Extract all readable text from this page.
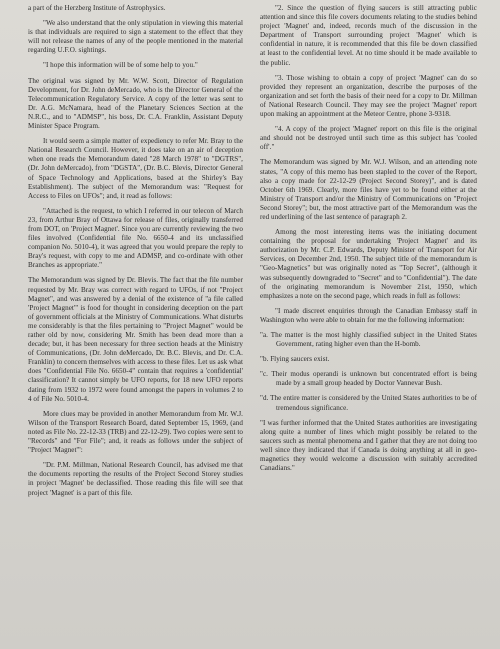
a part of the Herzberg Institute of Astrophysics.

"We also understand that the only stipulation in viewing this material is that individuals are required to sign a statement to the effect that they will not release the names of any of the people mentioned in the material regarding U.F.O. sightings.

"I hope this information will be of some help to you."

The original was signed by Mr. W.W. Scott, Director of Regulation Development, for Dr. John deMercado, who is the Director General of the Telecommunication Regulatory Service. A copy of the letter was sent to Dr. A.G. McNamara, head of the Planetary Sciences Section at the N.R.C., and to "ADMSP", his boss, Dr. C.A. Franklin, Assistant Deputy Minister Space Program.

It would seem a simple matter of expediency to refer Mr. Bray to the National Research Council. However, it does take on an air of deception when one reads the Memorandum dated "28 March 1978" to "DGTRS", (Dr. John deMercado), from "DGSTA", (Dr. B.C. Blevis, Director General of Space Technology and Applications, based at the Shirley's Bay Establishment). The subject of the Memorandum was: "Request for Access to Files on UFOs"; and, it read as follows:

"Attached is the request, to which I referred in our telecon of March 23, from Arthur Bray of Ottawa for release of files, originally transferred from DOT, on 'Project Magnet'. Since you are currently reviewing the two files involved (Confidential file No. 6650-4 and its unclassified companion No. 5010-4), it was agreed that you would prepare the reply to Bray's request, with copy to me and ADMSP, and co-ordinate with other Branches as appropriate."

The Memorandum was signed by Dr. Blevis. The fact that the file number requested by Mr. Bray was correct with regard to UFOs, if not "Project Magnet", and was answered by a denial of the existence of "a file called 'Project Magnet'" is food for thought in considering deception on the part of government officials at the Ministry of Communications. What disturbs me considerably is that the files pertaining to "Project Magnet" would be rather old by now, considering Mr. Smith has been dead more than a decade; but, it has been necessary for three section heads at the Ministry of Communications, (Dr. John deMercado, Dr. B.C. Blevis, and Dr. C.A. Franklin) to concern themselves with access to these files. Let us ask what does "Confidential File No. 6650-4" contain that requires a 'confidential' classification? It cannot simply be UFO reports, for 18 new UFO reports dating from 1932 to 1972 were found amongst the papers in volumes 2 to 4 of File No. 5010-4.

More clues may be provided in another Memorandum from Mr. W.J. Wilson of the Transport Research Board, dated September 15, 1969, (and noted as File No. 22-12-33 (TRB) and 22-12-29). Two copies were sent to "Records" and "For File"; and, it reads as follows under the subject of "Project 'Magnet'":

"Dr. P.M. Millman, National Research Council, has advised me that the documents reporting the results of the Project Second Storey studies in project 'Magnet' be declassified. Those reading this file will see that project 'Magnet' is a part of this file.

"2. Since the question of flying saucers is still attracting public attention and since this file covers documents relating to the studies behind project 'Magnet' and, indeed, records much of the discussion in the Department of Transport surrounding project 'Magnet' which is confidential in nature, it is recommended that this file be down classified at least to the confidential level. At no time should it be made available to the public.

"3. Those wishing to obtain a copy of project 'Magnet' can do so provided they represent an organization, describe the purposes of the organization and set forth the basis of their need for a copy to Dr. Millman of National Research Council. They may see the project 'Magnet' report upon making an appointment at the Meteor Centre, phone 3-9318.

"4. A copy of the project 'Magnet' report on this file is the original and should not be destroyed until such time as this subject has 'cooled off'."

The Memorandum was signed by Mr. W.J. Wilson, and an attending note states, "A copy of this memo has been stapled to the cover of the Report, also a copy made for 22-12-29 (Project Second Storey)", and is dated October 6th 1969. Clearly, more files have yet to be found either at the Ministry of Transport and/or the Ministry of Communications on "Project Second Storey"; but, the most attractive part of the Memorandum was the red underlining of the last sentence of paragraph 2.

Among the most interesting items was the initiating document containing the proposal for undertaking 'Project Magnet' and its authorization by Mr. C.P. Edwards, Deputy Minister of Transport for Air Services, on December 2nd, 1950. The subject title of the memorandum is "Geo-Magnetics" but was originally noted as "Top Secret", (although it was subsequently downgraded to "Secret" and to "Confidential"). The date of the originating memorandum is November 21st, 1950, which emphasizes a note on the second page, which reads in full as follows:

"I made discreet enquiries through the Canadian Embassy staff in Washington who were able to obtain for me the following information:

"a. The matter is the most highly classified subject in the United States Government, rating higher even than the H-bomb.

"b. Flying saucers exist.

"c. Their modus operandi is unknown but concentrated effort is being made by a small group headed by Doctor Vannevar Bush.

"d. The entire matter is considered by the United States authorities to be of tremendous significance.

"I was further informed that the United States authorities are investigating along quite a number of lines which might possibly be related to the saucers such as mental phenomena and I gather that they are not doing too well since they indicated that if Canada is doing anything at all in geo-magnetics they would welcome a discussion with suitably accredited Canadians."
